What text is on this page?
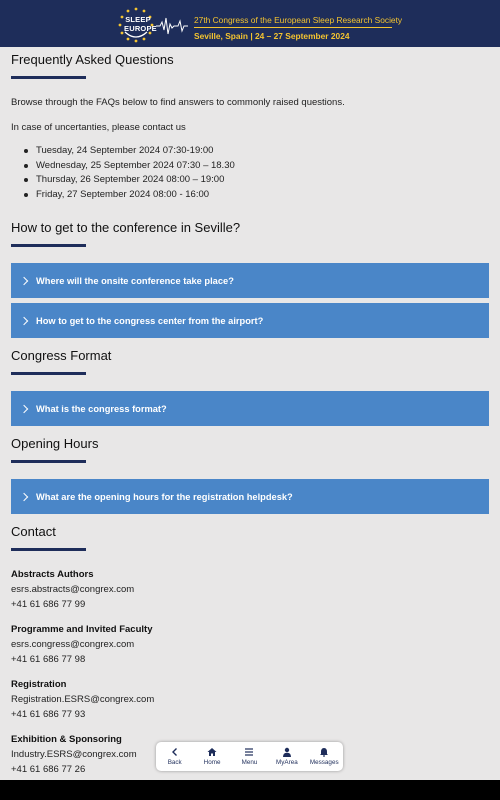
SLEEP
EUROPE
27th Congress of the European Sleep Research Society
Seville, Spain | 24 – 27 September 2024
Frequently Asked Questions
Browse through the FAQs below to find answers to commonly raised questions.
In case of uncertanties, please contact us
Tuesday, 24 September 2024 07:30-19:00
Wednesday, 25 September 2024 07:30 – 18.30
Thursday, 26 September 2024 08:00 – 19:00
Friday, 27 September 2024 08:00 - 16:00
How to get to the conference in Seville?
Where will the onsite conference take place?
How to get to the congress center from the airport?
Congress Format
What is the congress format?
Opening Hours
What are the opening hours for the registration helpdesk?
Contact
Abstracts Authors
esrs.abstracts@congrex.com
+41 61 686 77 99
Programme and Invited Faculty
esrs.congress@congrex.com
+41 61 686 77 98
Registration
Registration.ESRS@congrex.com
+41 61 686 77 93
Exhibition & Sponsoring
Industry.ESRS@congrex.com
+41 61 686 77 26
Back	Home	Menu	MyArea	Messages
